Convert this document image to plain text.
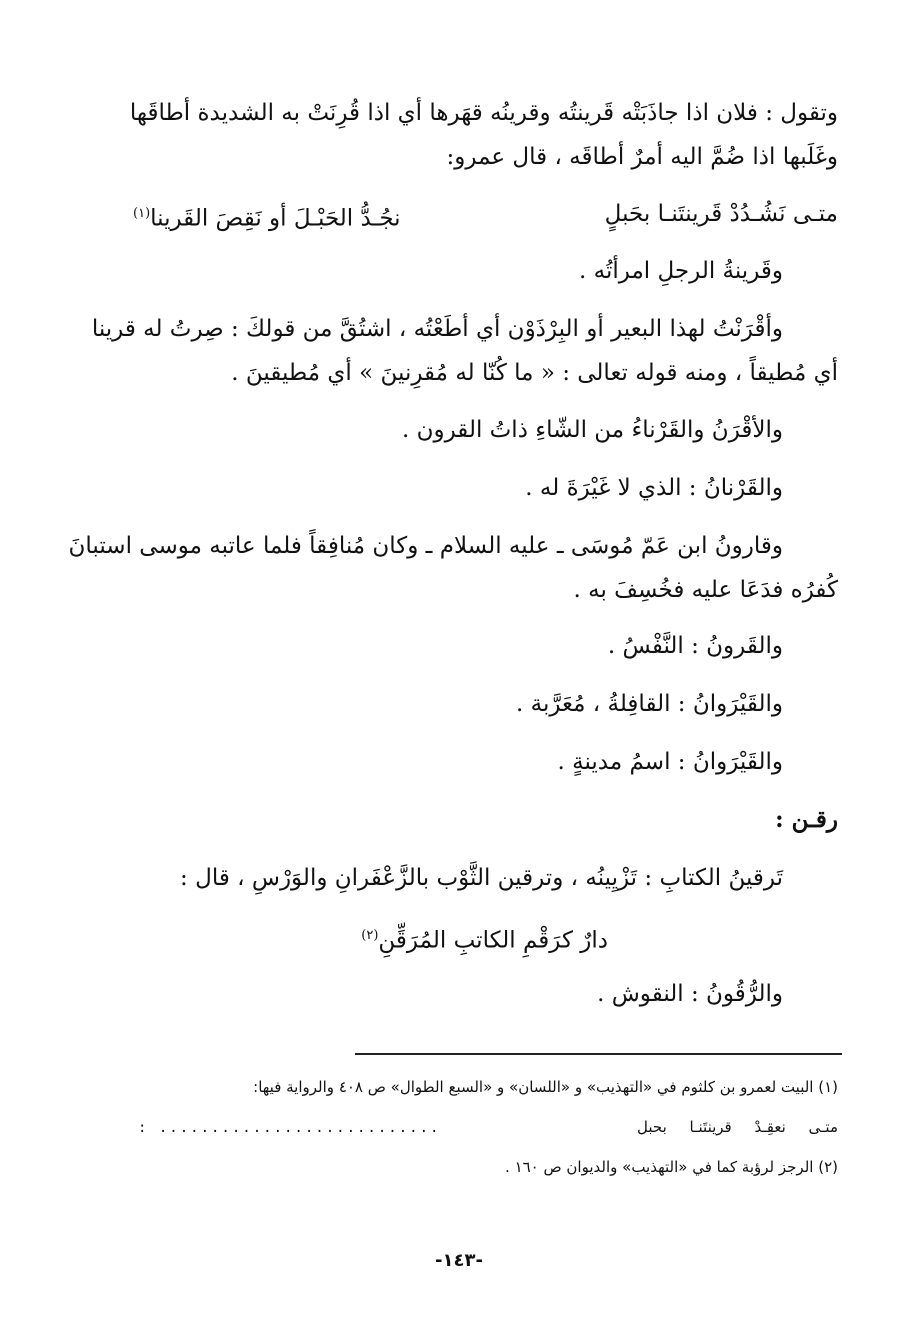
وتقول : فلان اذا جاذَبَتْه قَرينتُه وقرينُه قهَرها أي اذا قُرِنَتْ به الشديدة أطاقَها
وغَلَبها اذا ضُمَّ اليه أمرٌ أطاقَه ، قال عمرو:
متـى نَشُـدُدْ قَرينتَنـا بحَبلٍ
نجُـدُّ الحَبْـلَ أو نَقِصَ القَرينا$^{(١)}$
وقَرينةُ الرجلِ امرأتُه .
وأقْرَنْتُ لهذا البعير أو البِرْذَوْن أي أطَعْتُه ، اشتُقَّ من قولكَ : صِرتُ له قرينا
أي مُطيقاً ، ومنه قوله تعالى : « ما كُنّا له مُقرِنينَ » أي مُطيقينَ .
والأقْرَنُ والقَرْناءُ من الشّاءِ ذاتُ القرون .
والقَرْنانُ : الذي لا غَيْرَةَ له .
وقارونُ ابن عَمّ مُوسَى ـ عليه السلام ـ وكان مُنافِقاً فلما عاتبه موسى استبانَ
كُفرُه فدَعَا عليه فخُسِفَ به .
والقَرونُ : النَّفْسُ .
والقَيْرَوانُ : القافِلةُ ، مُعَرَّبة .
والقَيْرَوانُ : اسمُ مدينةٍ .
رقـن :
تَرقينُ الكتابِ : تَزْيِينُه ، وترقين الثَّوْب بالزَّعْفَرانِ والوَرْسِ ، قال :
دارٌ كرَقْمِ الكاتبِ المُرَقِّنِ$^{(٢)}$
والرُّقُونُ : النقوش .
(١) البيت لعمرو بن كلثوم في «التهذيب» و «اللسان» و «السبع الطوال» ص ٤٠٨ والرواية فيها:
متـى نعقِـدْ قرينتَنـا بحبل
: ...........................
(٢) الرجز لرؤبة كما في «التهذيب» والديوان ص ١٦٠ .
-١٤٣-
